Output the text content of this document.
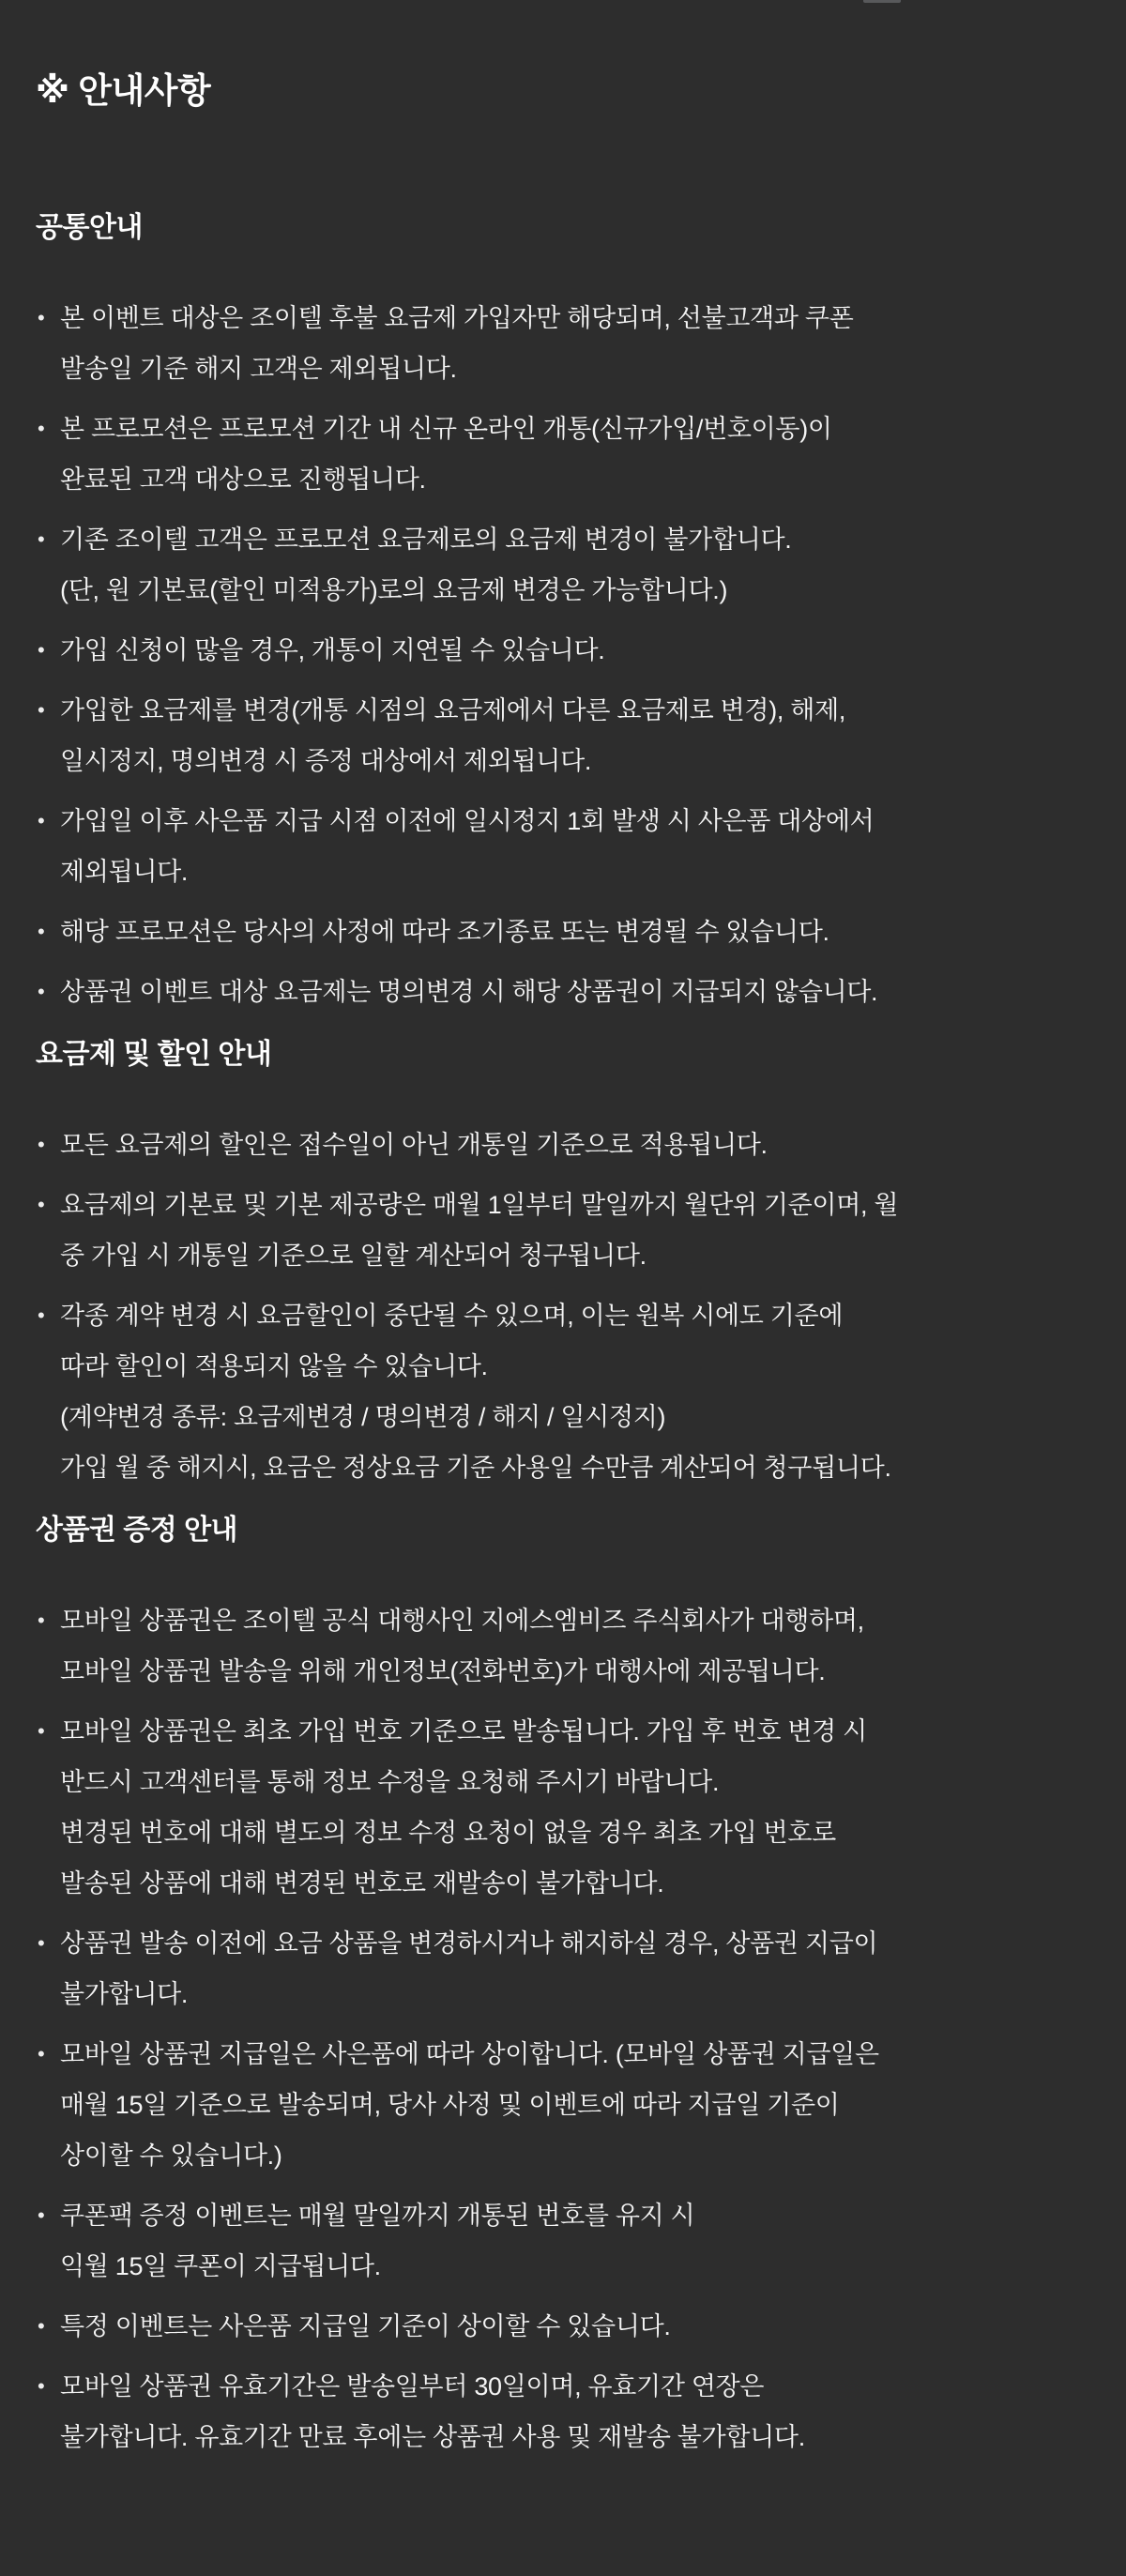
※ 안내사항
공통안내
• 본 이벤트 대상은 조이텔 후불 요금제 가입자만 해당되며, 선불고객과 쿠폰
발송일 기준 해지 고객은 제외됩니다.
• 본 프로모션은 프로모션 기간 내 신규 온라인 개통(신규가입/번호이동)이
완료된 고객 대상으로 진행됩니다.
• 기존 조이텔 고객은 프로모션 요금제로의 요금제 변경이 불가합니다.
(단, 원 기본료(할인 미적용가)로의 요금제 변경은 가능합니다.)
• 가입 신청이 많을 경우, 개통이 지연될 수 있습니다.
• 가입한 요금제를 변경(개통 시점의 요금제에서 다른 요금제로 변경), 해제,
일시정지, 명의변경 시 증정 대상에서 제외됩니다.
• 가입일 이후 사은품 지급 시점 이전에 일시정지 1회 발생 시 사은품 대상에서
제외됩니다.
• 해당 프로모션은 당사의 사정에 따라 조기종료 또는 변경될 수 있습니다.
• 상품권 이벤트 대상 요금제는 명의변경 시 해당 상품권이 지급되지 않습니다.
요금제 및 할인 안내
• 모든 요금제의 할인은 접수일이 아닌 개통일 기준으로 적용됩니다.
• 요금제의 기본료 및 기본 제공량은 매월 1일부터 말일까지 월단위 기준이며, 월
중 가입 시 개통일 기준으로 일할 계산되어 청구됩니다.
• 각종 계약 변경 시 요금할인이 중단될 수 있으며, 이는 원복 시에도 기준에
따라 할인이 적용되지 않을 수 있습니다.
(계약변경 종류: 요금제변경 / 명의변경 / 해지 / 일시정지)
가입 월 중 해지시, 요금은 정상요금 기준 사용일 수만큼 계산되어 청구됩니다.
상품권 증정 안내
• 모바일 상품권은 조이텔 공식 대행사인 지에스엠비즈 주식회사가 대행하며,
모바일 상품권 발송을 위해 개인정보(전화번호)가 대행사에 제공됩니다.
• 모바일 상품권은 최초 가입 번호 기준으로 발송됩니다. 가입 후 번호 변경 시
반드시 고객센터를 통해 정보 수정을 요청해 주시기 바랍니다.
변경된 번호에 대해 별도의 정보 수정 요청이 없을 경우 최초 가입 번호로
발송된 상품에 대해 변경된 번호로 재발송이 불가합니다.
• 상품권 발송 이전에 요금 상품을 변경하시거나 해지하실 경우, 상품권 지급이
불가합니다.
• 모바일 상품권 지급일은 사은품에 따라 상이합니다. (모바일 상품권 지급일은
매월 15일 기준으로 발송되며, 당사 사정 및 이벤트에 따라 지급일 기준이
상이할 수 있습니다.)
• 쿠폰팩 증정 이벤트는 매월 말일까지 개통된 번호를 유지 시
익월 15일 쿠폰이 지급됩니다.
• 특정 이벤트는 사은품 지급일 기준이 상이할 수 있습니다.
• 모바일 상품권 유효기간은 발송일부터 30일이며, 유효기간 연장은
불가합니다. 유효기간 만료 후에는 상품권 사용 및 재발송 불가합니다.
